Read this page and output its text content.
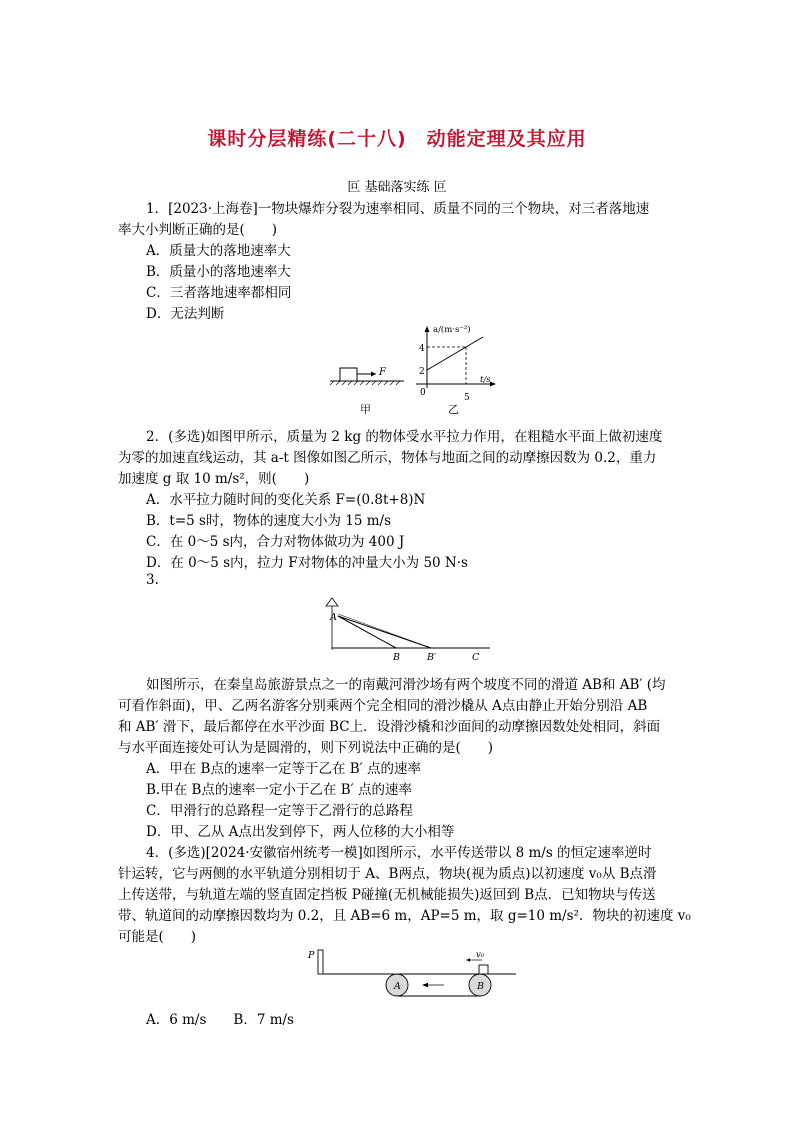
课时分层精练(二十八)　动能定理及其应用
叵 基础落实练 叵
1．[2023·上海卷]一物块爆炸分裂为速率相同、质量不同的三个物块，对三者落地速
率大小判断正确的是(　　)
A．质量大的落地速率大
B．质量小的落地速率大
C．三者落地速率都相同
D．无法判断
F
甲
a/(m·s⁻²)
t/s
0
4
2
5
乙
2．(多选)如图甲所示，质量为 2 kg 的物体受水平拉力作用，在粗糙水平面上做初速度
为零的加速直线运动，其 a-t 图像如图乙所示，物体与地面之间的动摩擦因数为 0.2，重力
加速度 g 取 10 m/s²，则(　　)
A．水平拉力随时间的变化关系 F=(0.8t+8)N
B．t=5 s时，物体的速度大小为 15 m/s
C．在 0～5 s内，合力对物体做功为 400 J
D．在 0～5 s内，拉力 F对物体的冲量大小为 50 N·s
3.
A
B	B′	C
如图所示，在秦皇岛旅游景点之一的南戴河滑沙场有两个坡度不同的滑道 AB和 AB′ (均
可看作斜面)，甲、乙两名游客分别乘两个完全相同的滑沙橇从 A点由静止开始分别沿 AB
和 AB′ 滑下，最后都停在水平沙面 BC上．设滑沙橇和沙面间的动摩擦因数处处相同，斜面
与水平面连接处可认为是圆滑的，则下列说法中正确的是(　　)
A．甲在 B点的速率一定等于乙在 B′ 点的速率
B.甲在 B点的速率一定小于乙在 B′ 点的速率
C．甲滑行的总路程一定等于乙滑行的总路程
D．甲、乙从 A点出发到停下，两人位移的大小相等
4．(多选)[2024·安徽宿州统考一模]如图所示，水平传送带以 8 m/s 的恒定速率逆时
针运转，它与两侧的水平轨道分别相切于 A、B两点，物块(视为质点)以初速度 v₀从 B点滑
上传送带，与轨道左端的竖直固定挡板 P碰撞(无机械能损失)返回到 B点．已知物块与传送
带、轨道间的动摩擦因数均为 0.2，且 AB=6 m，AP=5 m，取 g=10 m/s²．物块的初速度 v₀
可能是(　　)
P
A	B
v₀
A．6 m/s　　B．7 m/s
